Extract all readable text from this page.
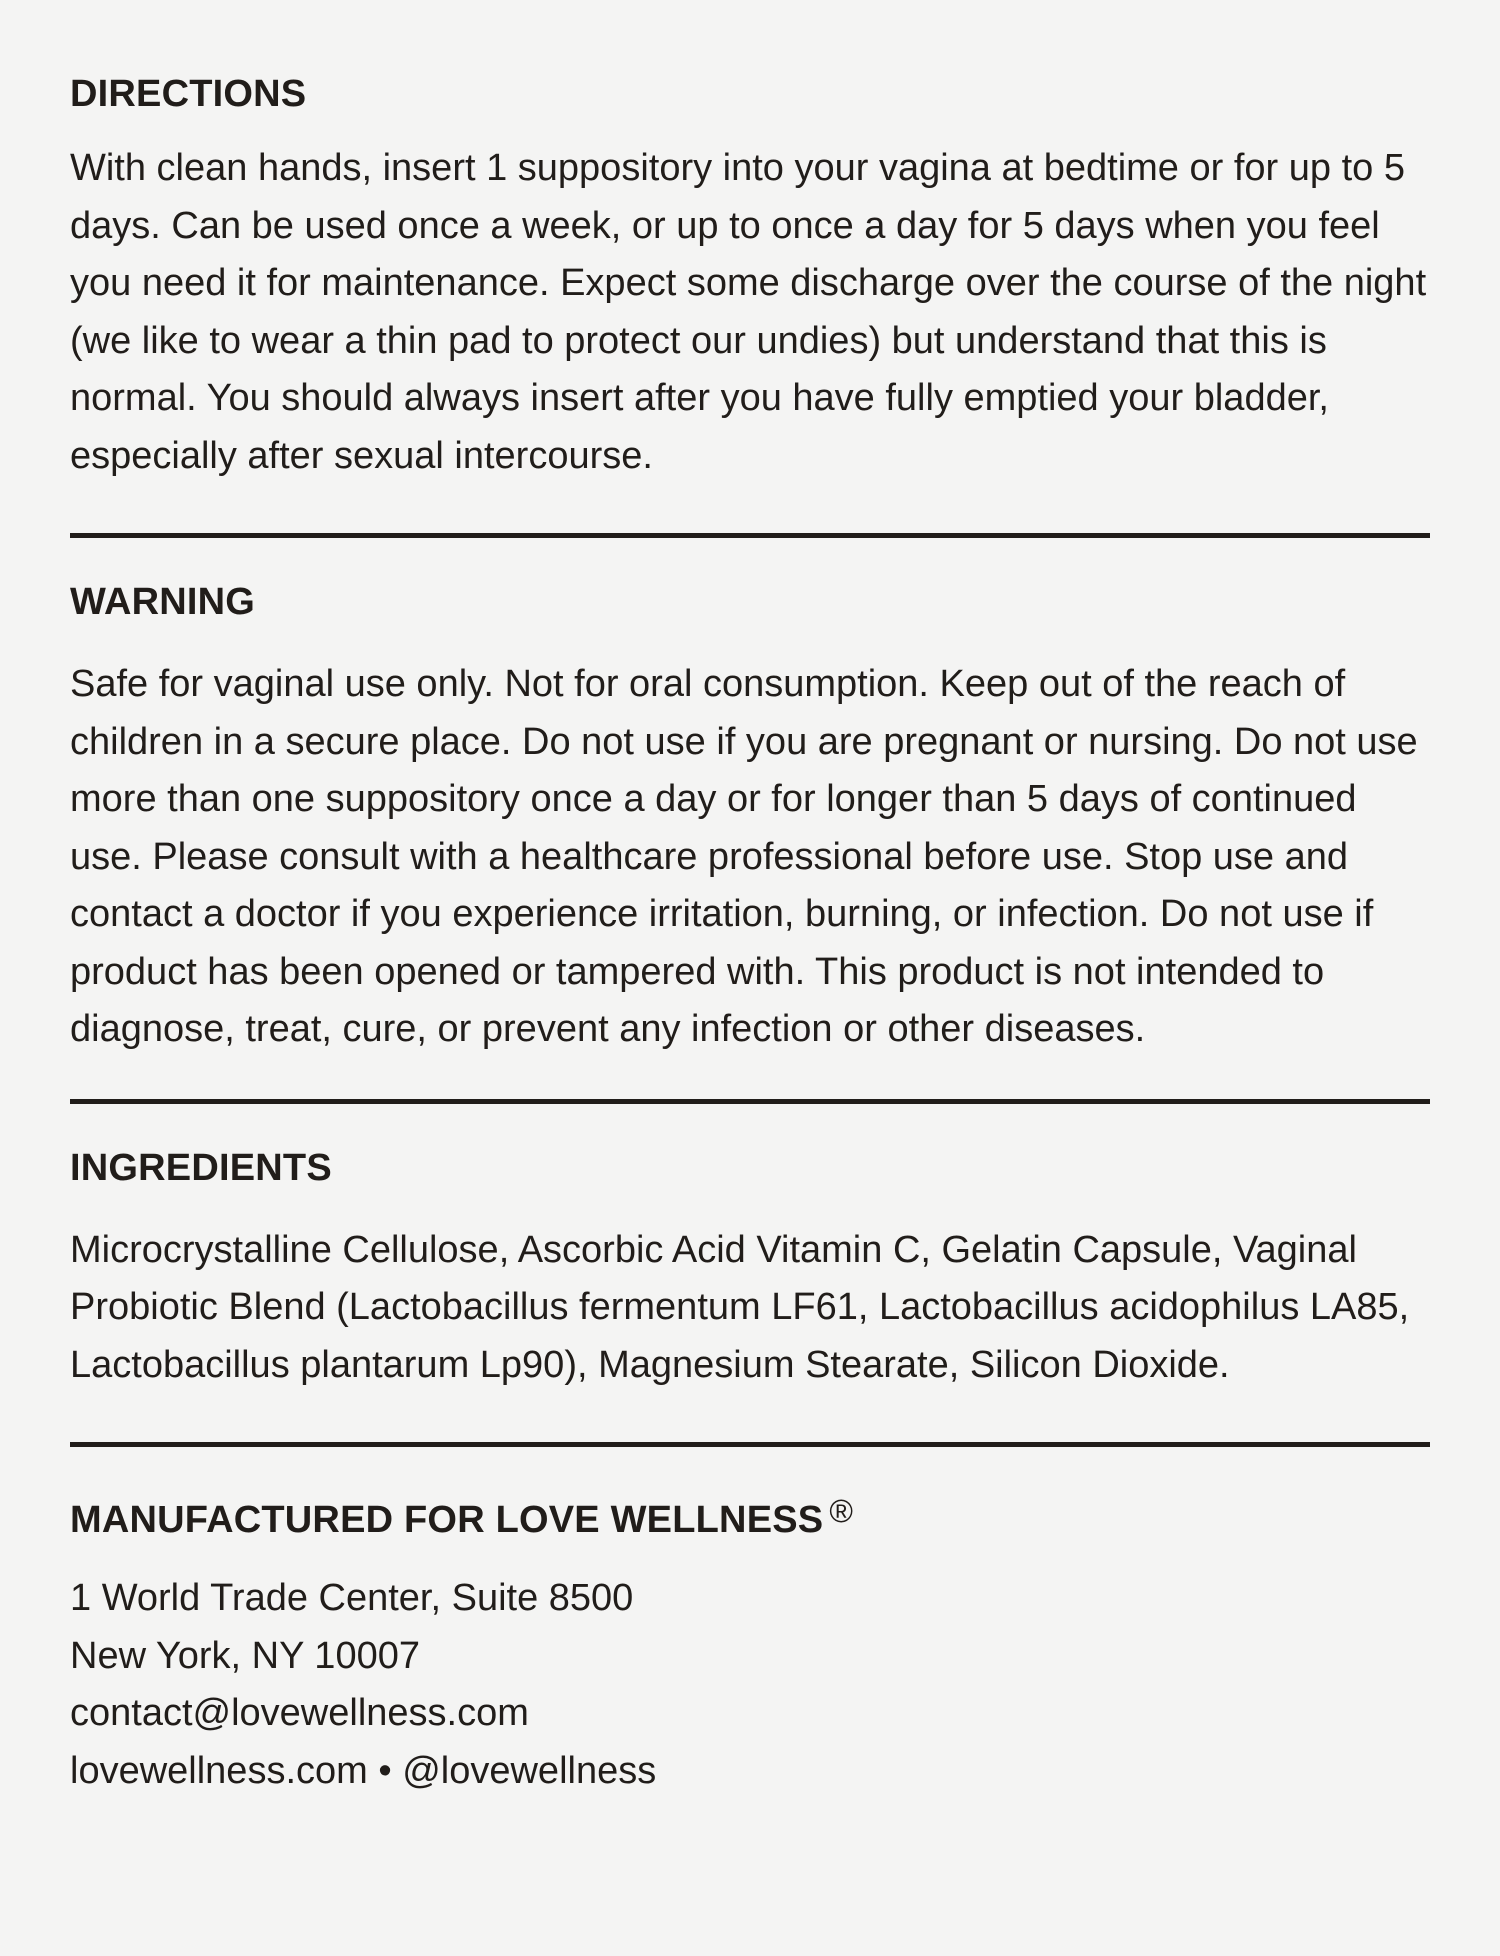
DIRECTIONS

With clean hands, insert 1 suppository into your vagina at bedtime or for up to 5 days. Can be used once a week, or up to once a day for 5 days when you feel you need it for maintenance. Expect some discharge over the course of the night (we like to wear a thin pad to protect our undies) but understand that this is normal. You should always insert after you have fully emptied your bladder, especially after sexual intercourse.

WARNING

Safe for vaginal use only. Not for oral consumption. Keep out of the reach of children in a secure place. Do not use if you are pregnant or nursing. Do not use more than one suppository once a day or for longer than 5 days of continued use. Please consult with a healthcare professional before use. Stop use and contact a doctor if you experience irritation, burning, or infection. Do not use if product has been opened or tampered with. This product is not intended to diagnose, treat, cure, or prevent any infection or other diseases.

INGREDIENTS

Microcrystalline Cellulose, Ascorbic Acid Vitamin C, Gelatin Capsule, Vaginal Probiotic Blend (Lactobacillus fermentum LF61, Lactobacillus acidophilus LA85, Lactobacillus plantarum Lp90), Magnesium Stearate, Silicon Dioxide.

MANUFACTURED FOR LOVE WELLNESS ®

1 World Trade Center, Suite 8500
New York, NY 10007
contact@lovewellness.com
lovewellness.com • @lovewellness
